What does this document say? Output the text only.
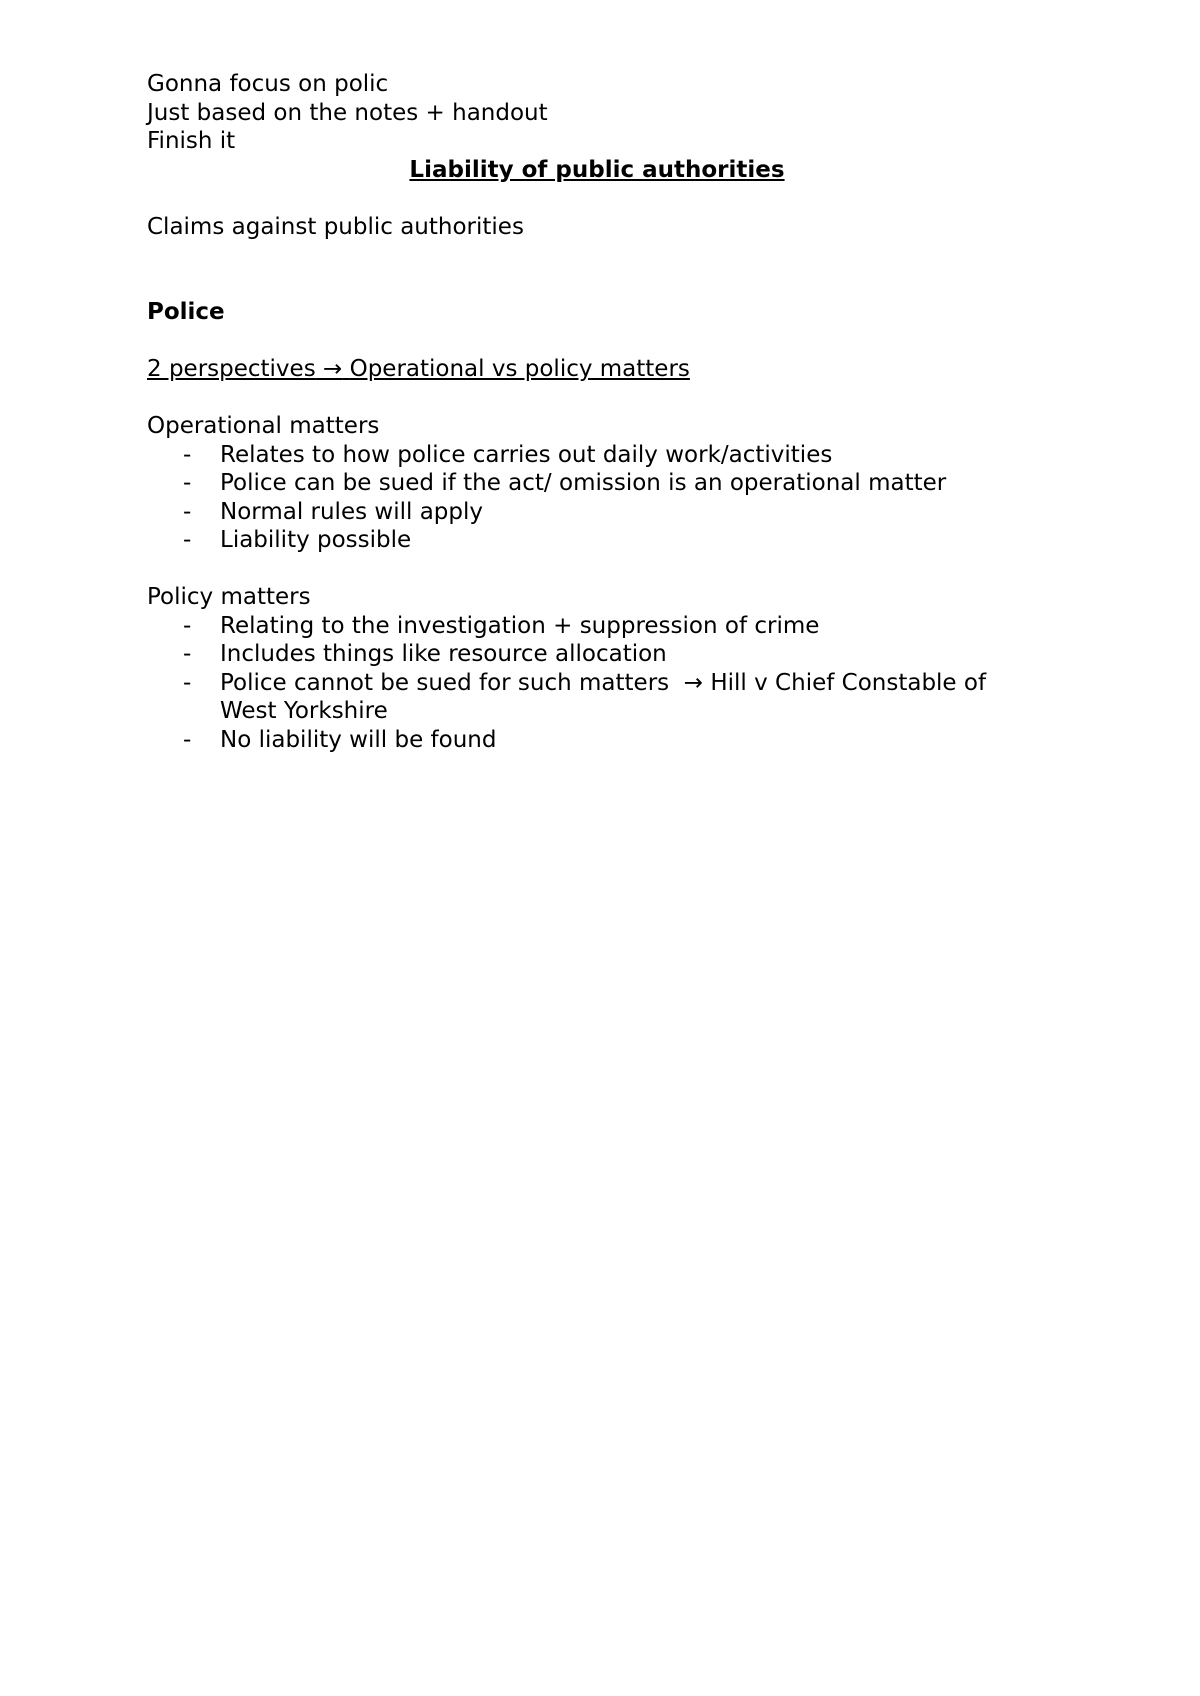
Gonna focus on polic
Just based on the notes + handout
Finish it
Liability of public authorities
Claims against public authorities
Police
2 perspectives → Operational vs policy matters
Operational matters
- Relates to how police carries out daily work/activities
- Police can be sued if the act/ omission is an operational matter
- Normal rules will apply
- Liability possible
Policy matters
- Relating to the investigation + suppression of crime
- Includes things like resource allocation
- Police cannot be sued for such matters → Hill v Chief Constable of West Yorkshire
- No liability will be found
